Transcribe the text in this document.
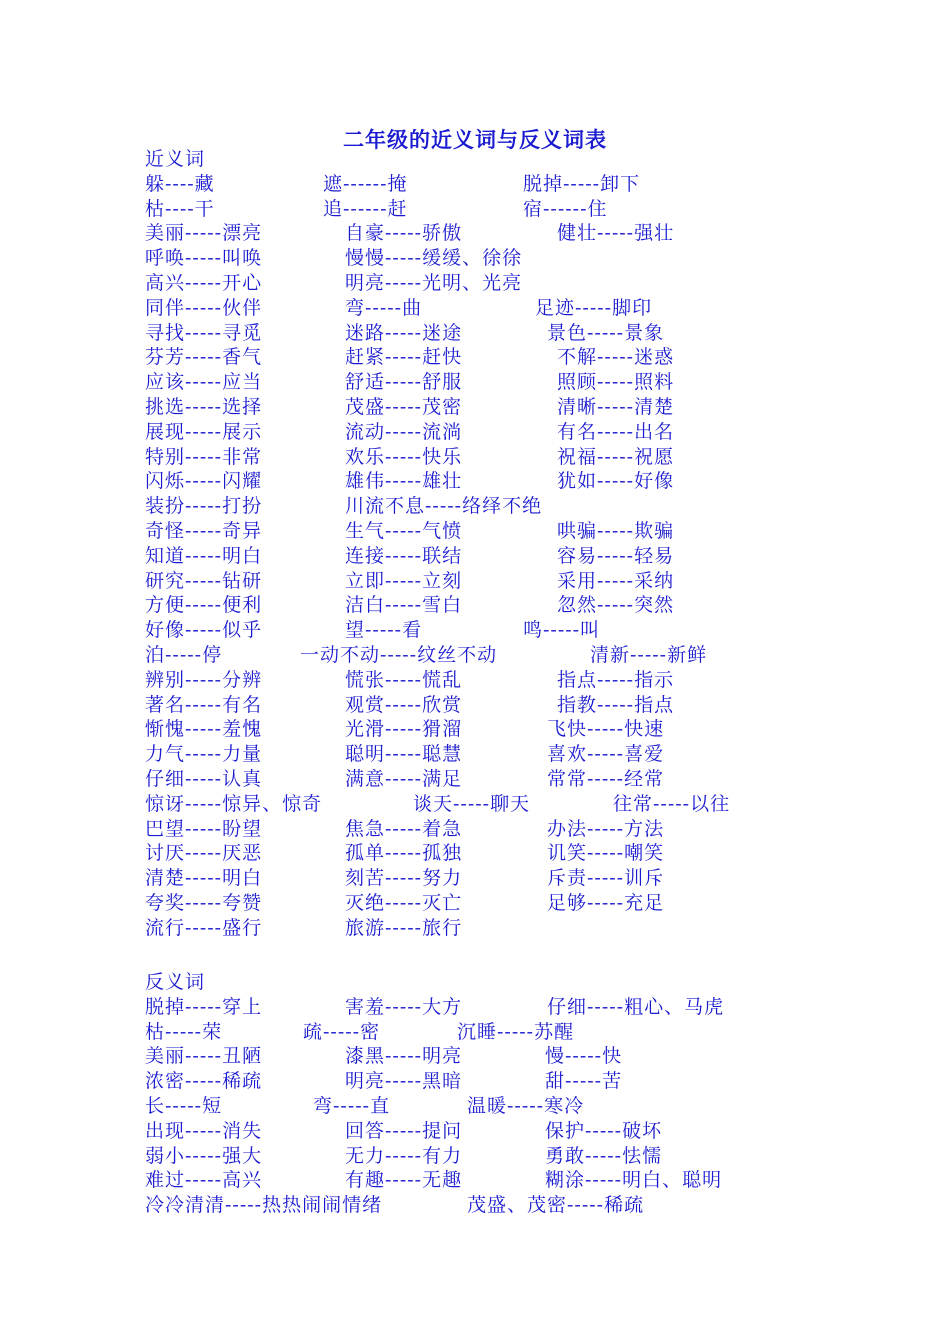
二年级的近义词与反义词表
近义词
躲----藏	遮------掩	脱掉-----卸下
枯----干	追------赶	宿------住
美丽-----漂亮	自豪-----骄傲	健壮-----强壮
呼唤-----叫唤	慢慢-----缓缓、徐徐
高兴-----开心	明亮-----光明、光亮
同伴-----伙伴	弯-----曲	足迹-----脚印
寻找-----寻觅	迷路-----迷途	景色-----景象
芬芳-----香气	赶紧-----赶快	不解-----迷惑
应该-----应当	舒适-----舒服	照顾-----照料
挑选-----选择	茂盛-----茂密	清晰-----清楚
展现-----展示	流动-----流淌	有名-----出名
特别-----非常	欢乐-----快乐	祝福-----祝愿
闪烁-----闪耀	雄伟-----雄壮	犹如-----好像
装扮-----打扮	川流不息-----络绎不绝
奇怪-----奇异	生气-----气愤	哄骗-----欺骗
知道-----明白	连接-----联结	容易-----轻易
研究-----钻研	立即-----立刻	采用-----采纳
方便-----便利	洁白-----雪白	忽然-----突然
好像-----似乎	望-----看	鸣-----叫
泊-----停	一动不动-----纹丝不动	清新-----新鲜
辨别-----分辨	慌张-----慌乱	指点-----指示
著名-----有名	观赏-----欣赏	指教-----指点
惭愧-----羞愧	光滑-----猾溜	飞快-----快速
力气-----力量	聪明-----聪慧	喜欢-----喜爱
仔细-----认真	满意-----满足	常常-----经常
惊讶-----惊异、惊奇	谈天-----聊天	往常-----以往
巴望-----盼望	焦急-----着急	办法-----方法
讨厌-----厌恶	孤单-----孤独	讥笑-----嘲笑
清楚-----明白	刻苦-----努力	斥责-----训斥
夸奖-----夸赞	灭绝-----灭亡	足够-----充足
流行-----盛行	旅游-----旅行
反义词
脱掉-----穿上	害羞-----大方	仔细-----粗心、马虎
枯-----荣	疏-----密	沉睡-----苏醒
美丽-----丑陋	漆黑-----明亮	慢-----快
浓密-----稀疏	明亮-----黑暗	甜-----苦
长-----短	弯-----直	温暖-----寒冷
出现-----消失	回答-----提问	保护-----破坏
弱小-----强大	无力-----有力	勇敢-----怯懦
难过-----高兴	有趣-----无趣	糊涂-----明白、聪明
冷冷清清-----热热闹闹情绪	茂盛、茂密-----稀疏
